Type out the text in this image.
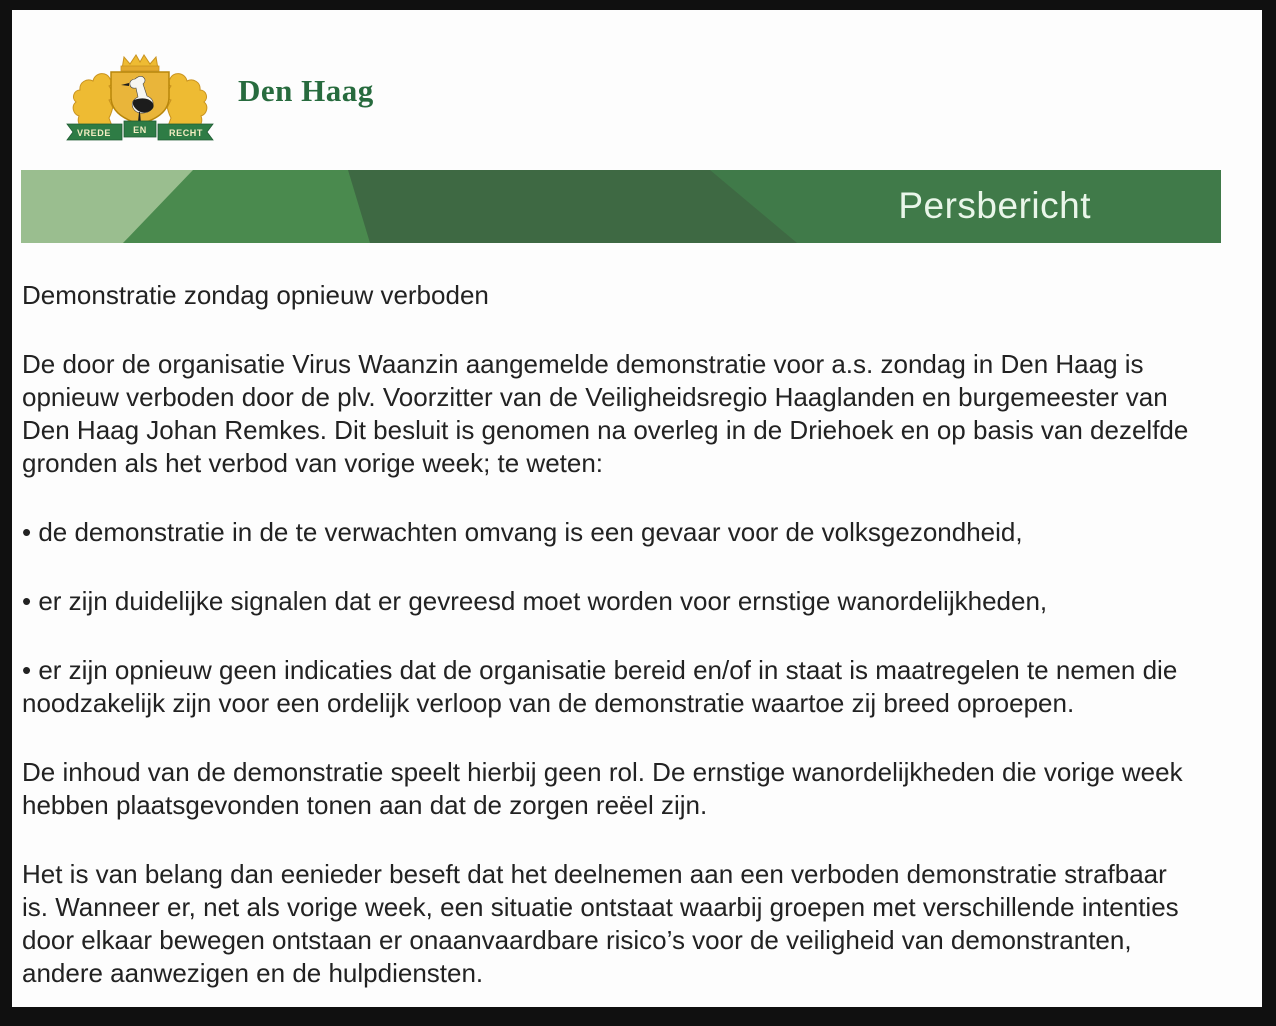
VREDE EN RECHT
Den Haag
Persbericht
Demonstratie zondag opnieuw verboden

De door de organisatie Virus Waanzin aangemelde demonstratie voor a.s. zondag in Den Haag is opnieuw verboden door de plv. Voorzitter van de Veiligheidsregio Haaglanden en burgemeester van Den Haag Johan Remkes. Dit besluit is genomen na overleg in de Driehoek en op basis van dezelfde gronden als het verbod van vorige week; te weten:

• de demonstratie in de te verwachten omvang is een gevaar voor de volksgezondheid,

• er zijn duidelijke signalen dat er gevreesd moet worden voor ernstige wanordelijkheden,

• er zijn opnieuw geen indicaties dat de organisatie bereid en/of in staat is maatregelen te nemen die noodzakelijk zijn voor een ordelijk verloop van de demonstratie waartoe zij breed oproepen.

De inhoud van de demonstratie speelt hierbij geen rol. De ernstige wanordelijkheden die vorige week hebben plaatsgevonden tonen aan dat de zorgen reëel zijn.

Het is van belang dan eenieder beseft dat het deelnemen aan een verboden demonstratie strafbaar is. Wanneer er, net als vorige week, een situatie ontstaat waarbij groepen met verschillende intenties door elkaar bewegen ontstaan er onaanvaardbare risico’s voor de veiligheid van demonstranten, andere aanwezigen en de hulpdiensten.
